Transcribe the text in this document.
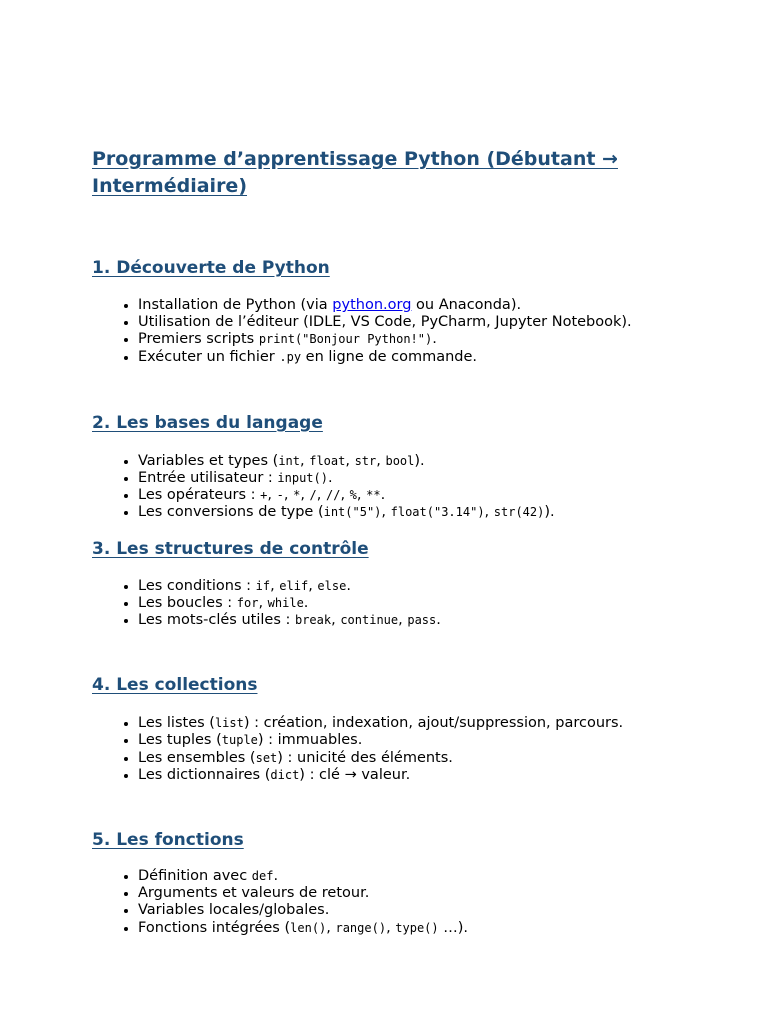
Programme d’apprentissage Python (Débutant → Intermédiaire)
1. Découverte de Python
• Installation de Python (via python.org ou Anaconda).
• Utilisation de l’éditeur (IDLE, VS Code, PyCharm, Jupyter Notebook).
• Premiers scripts print("Bonjour Python!").
• Exécuter un fichier .py en ligne de commande.
2. Les bases du langage
• Variables et types (int, float, str, bool).
• Entrée utilisateur : input().
• Les opérateurs : +, -, *, /, //, %, **.
• Les conversions de type (int("5"), float("3.14"), str(42)).
3. Les structures de contrôle
• Les conditions : if, elif, else.
• Les boucles : for, while.
• Les mots-clés utiles : break, continue, pass.
4. Les collections
• Les listes (list) : création, indexation, ajout/suppression, parcours.
• Les tuples (tuple) : immuables.
• Les ensembles (set) : unicité des éléments.
• Les dictionnaires (dict) : clé → valeur.
5. Les fonctions
• Définition avec def.
• Arguments et valeurs de retour.
• Variables locales/globales.
• Fonctions intégrées (len(), range(), type() …).
